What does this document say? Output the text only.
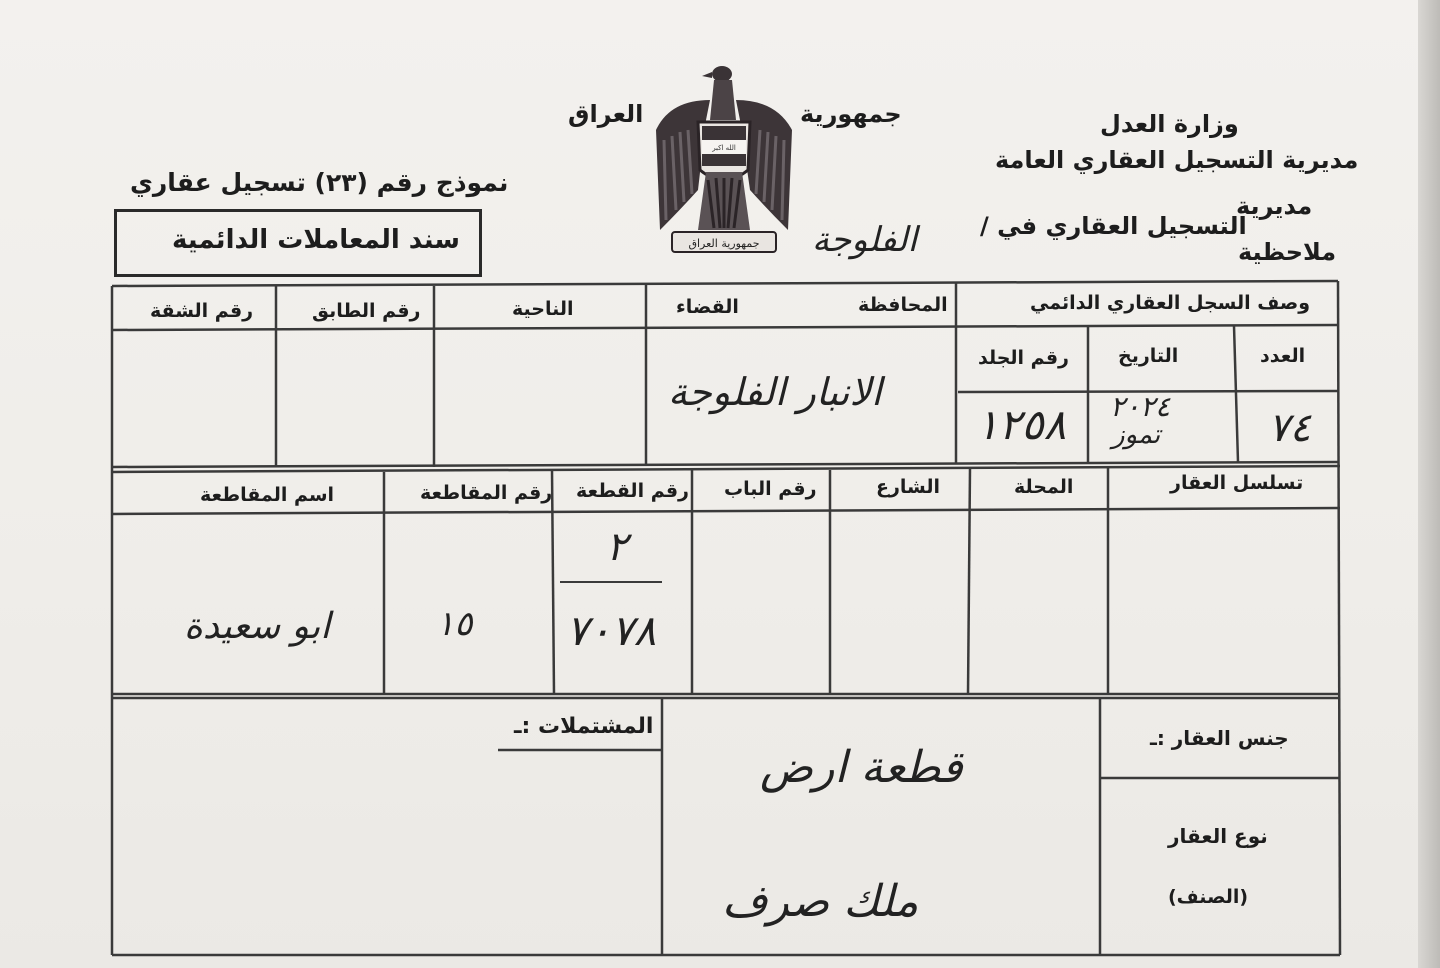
جمهورية
العراق
الله اكبر
جمهورية العراق
وزارة العدل
مديرية التسجيل العقاري العامة
مديرية
التسجيل العقاري في /
ملاحظية
الفلوجة
نموذج رقم (٢٣) تسجيل عقاري
سند المعاملات الدائمية
وصف السجل العقاري الدائمي
المحافظة
القضاء
الناحية
رقم الطابق
رقم الشقة
العدد
التاريخ
رقم الجلد
٧٤
٢٠٢٤
تموز
١٢٥٨
الانبار الفلوجة
تسلسل العقار
المحلة
الشارع
رقم الباب
رقم القطعة
رقم المقاطعة
اسم المقاطعة
٢
٧٠٧٨
١٥
ابو سعيدة
جنس العقار :ـ
نوع العقار
(الصنف)
المشتملات :ـ
قطعة ارض
ملك صرف
